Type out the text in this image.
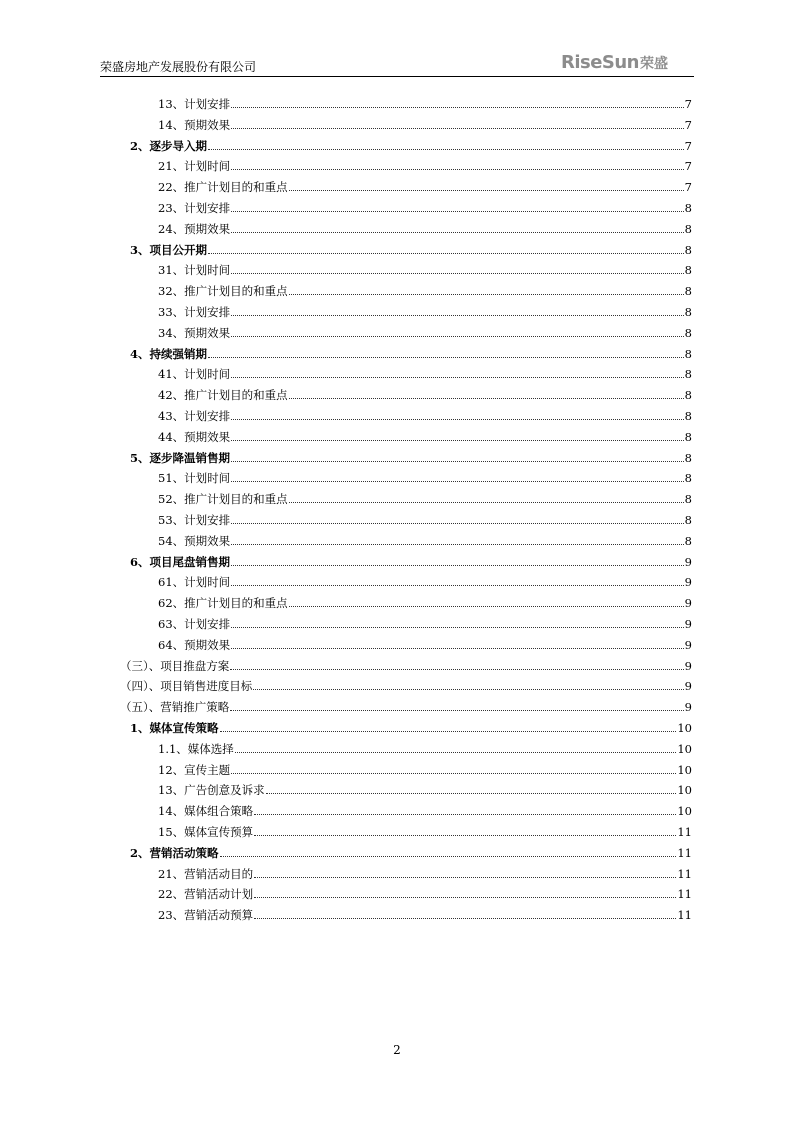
荣盛房地产发展股份有限公司	RiseSun荣盛
13、计划安排	7
14、预期效果	7
2、逐步导入期	7
21、计划时间	7
22、推广计划目的和重点	7
23、计划安排	8
24、预期效果	8
3、项目公开期	8
31、计划时间	8
32、推广计划目的和重点	8
33、计划安排	8
34、预期效果	8
4、持续强销期	8
41、计划时间	8
42、推广计划目的和重点	8
43、计划安排	8
44、预期效果	8
5、逐步降温销售期	8
51、计划时间	8
52、推广计划目的和重点	8
53、计划安排	8
54、预期效果	8
6、项目尾盘销售期	9
61、计划时间	9
62、推广计划目的和重点	9
63、计划安排	9
64、预期效果	9
（三）、项目推盘方案	9
（四）、项目销售进度目标	9
（五）、营销推广策略	9
1、媒体宣传策略	10
1.1、媒体选择	10
12、宣传主题	10
13、广告创意及诉求	10
14、媒体组合策略	10
15、媒体宣传预算	11
2、营销活动策略	11
21、营销活动目的	11
22、营销活动计划	11
23、营销活动预算	11
2
